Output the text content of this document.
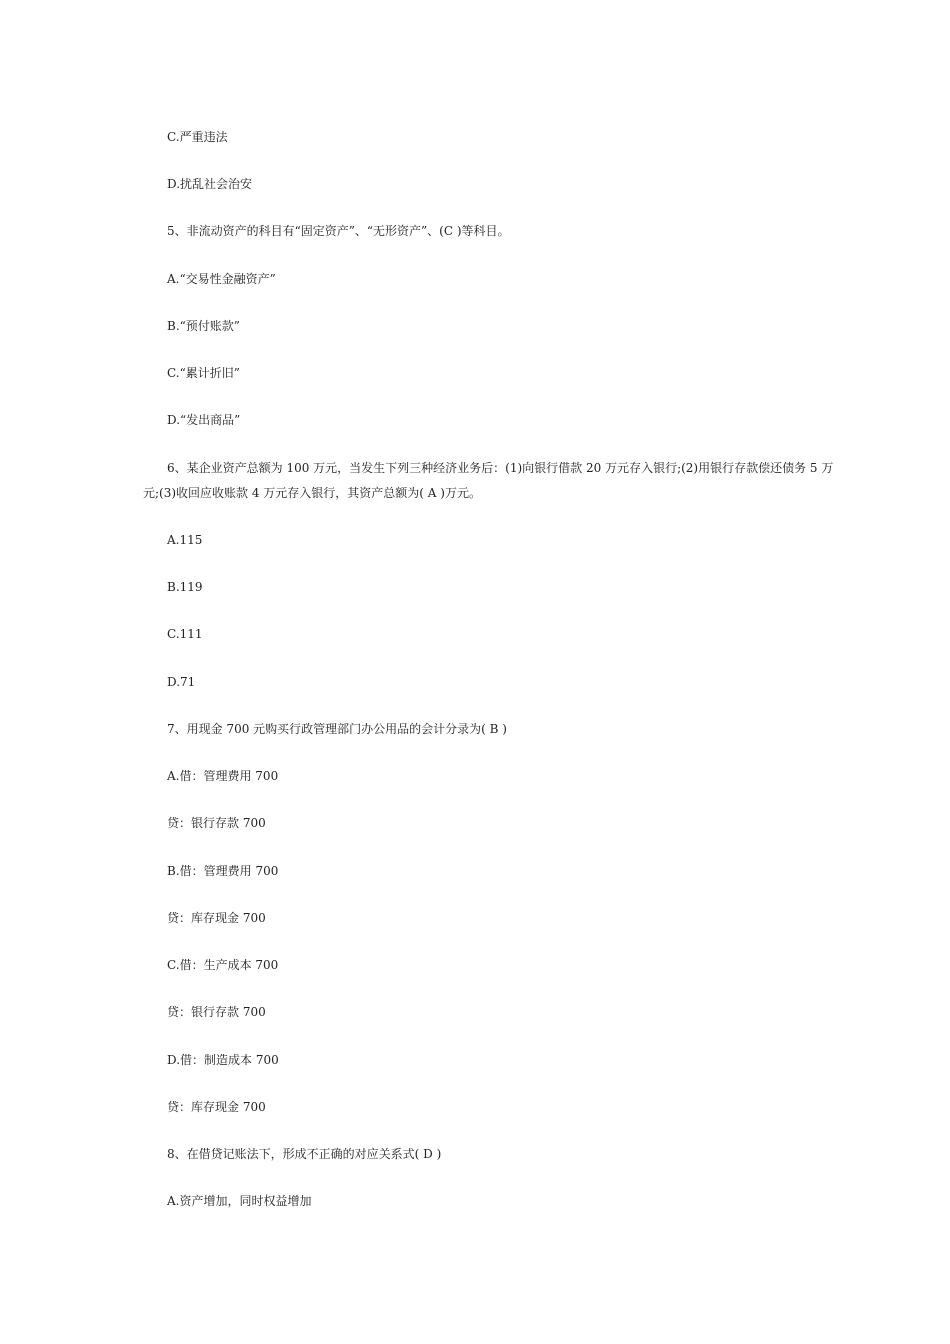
C.严重违法
D.扰乱社会治安
5、非流动资产的科目有“固定资产”、“无形资产”、(C )等科目。
A.“交易性金融资产”
B.“预付账款”
C.“累计折旧”
D.“发出商品”
6、某企业资产总额为 100 万元，当发生下列三种经济业务后：(1)向银行借款 20 万元存入银行;(2)用银行存款偿还债务 5 万
元;(3)收回应收账款 4 万元存入银行，其资产总额为( A )万元。
A.115
B.119
C.111
D.71
7、用现金 700 元购买行政管理部门办公用品的会计分录为( B )
A.借：管理费用 700
贷：银行存款 700
B.借：管理费用 700
贷：库存现金 700
C.借：生产成本 700
贷：银行存款 700
D.借：制造成本 700
贷：库存现金 700
8、在借贷记账法下，形成不正确的对应关系式( D )
A.资产增加，同时权益增加
